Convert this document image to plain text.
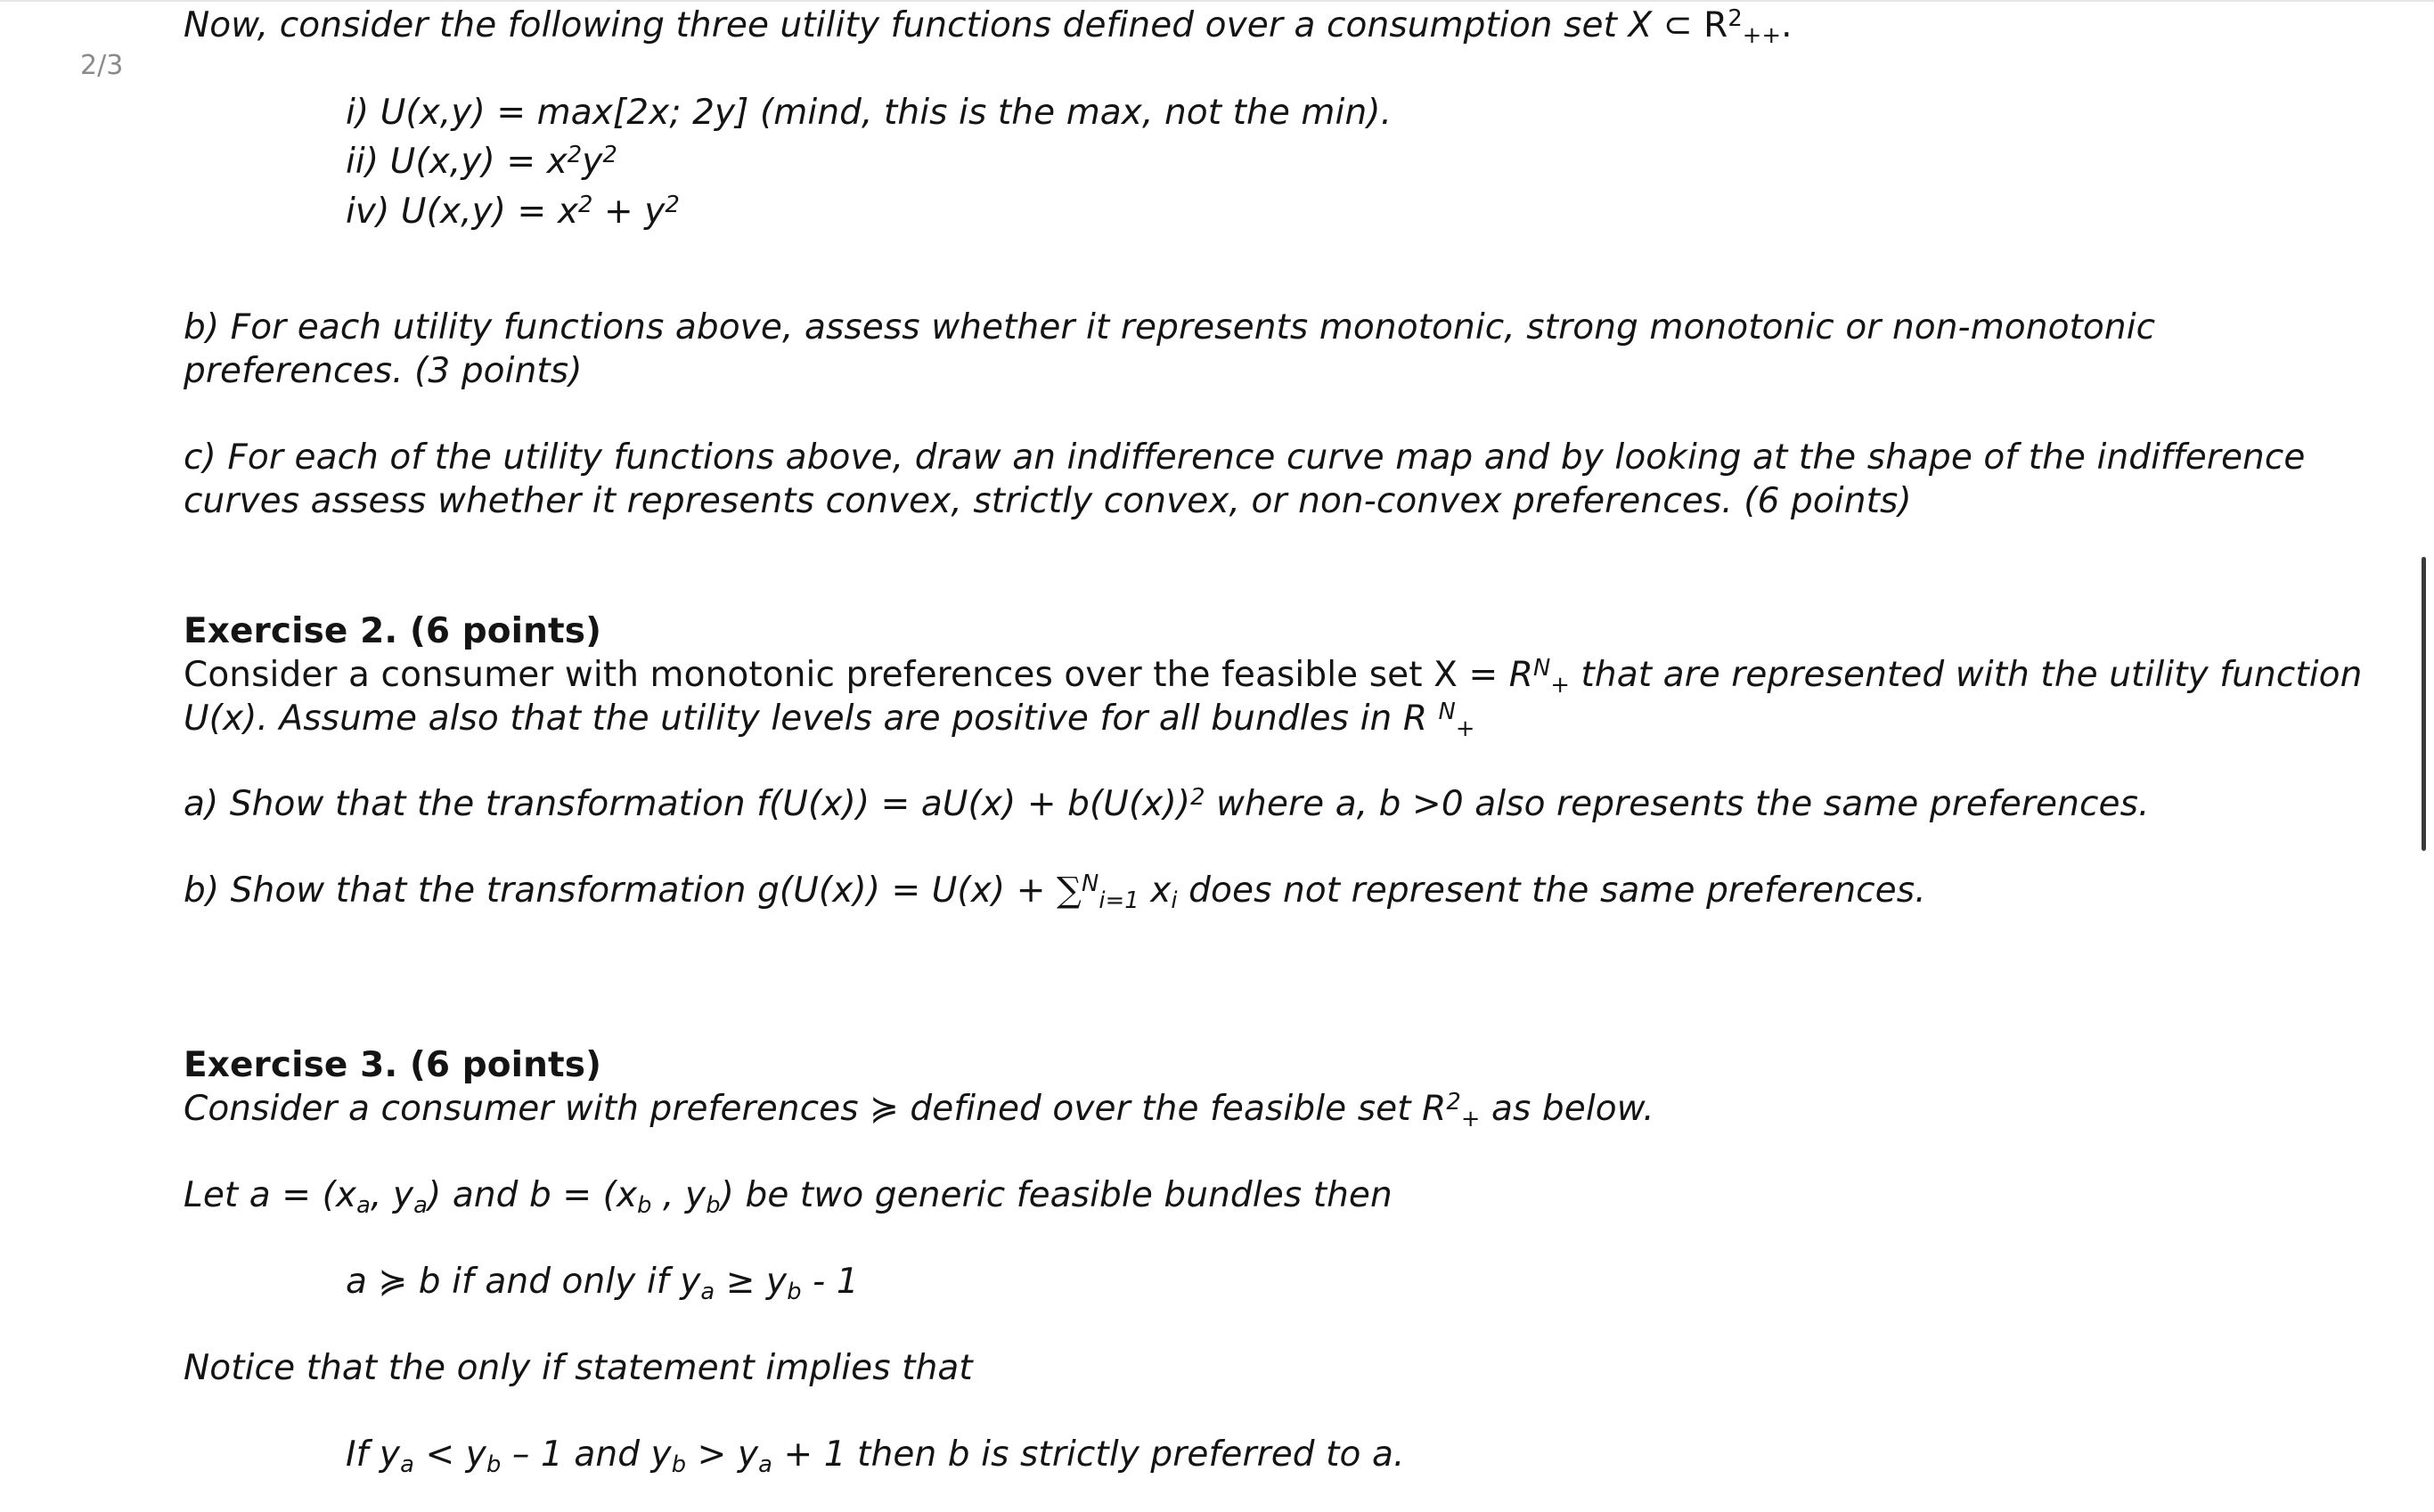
2/3

Now, consider the following three utility functions defined over a consumption set X ⊂ $R^2_{++}$.

i) U(x,y) = max[2x; 2y] (mind, this is the max, not the min).

ii) $U(x,y) = x^2y^2$

iv) $U(x,y) = x^2 + y^2$

b) For each utility functions above, assess whether it represents monotonic, strong monotonic or non-monotonic

preferences. (3 points)

c) For each of the utility functions above, draw an indifference curve map and by looking at the shape of the indifference

curves assess whether it represents convex, strictly convex, or non-convex preferences. (6 points)

Exercise 2. (6 points)

Consider a consumer with monotonic preferences over the feasible set $X = R^N_+$ that are represented with the utility function

U(x). Assume also that the utility levels are positive for all bundles in R $^N_+$

a) Show that the transformation $f(U(x)) = aU(x) + b(U(x))^2$ where a, b >0 also represents the same preferences.

b) Show that the transformation g(U(x)) = U(x) + ∑$^N_{i=1}$ $x_i$ does not represent the same preferences.

Exercise 3. (6 points)

Consider a consumer with preferences ≽ defined over the feasible set $R^2_+$ as below.

Let $a = (x_a$, $y_a$) and $b = (x_b$ , $y_b$) be two generic feasible bundles then

a ≽ b if and only if $y_a \ge y_b - 1$

Notice that the only if statement implies that

If $y_a < y_b - 1$ and $y_b > y_a + 1$ then b is strictly preferred to a.
